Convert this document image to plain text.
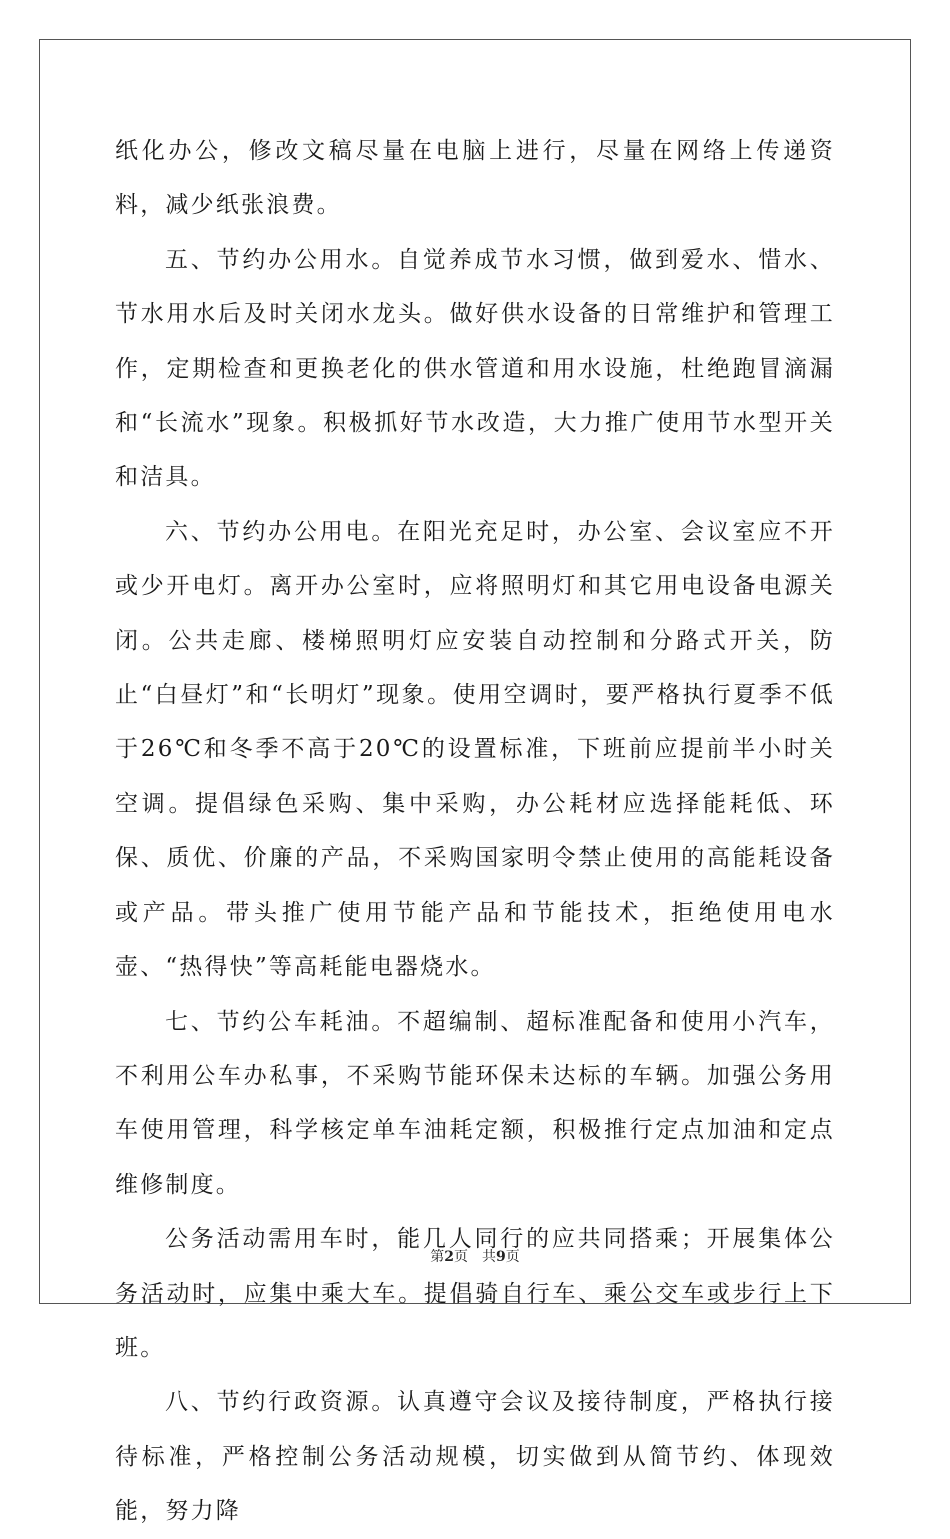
纸化办公，修改文稿尽量在电脑上进行，尽量在网络上传递资料，减少纸张浪费。

五、节约办公用水。自觉养成节水习惯，做到爱水、惜水、节水用水后及时关闭水龙头。做好供水设备的日常维护和管理工作，定期检查和更换老化的供水管道和用水设施，杜绝跑冒滴漏和“长流水”现象。积极抓好节水改造，大力推广使用节水型开关和洁具。

六、节约办公用电。在阳光充足时，办公室、会议室应不开或少开电灯。离开办公室时，应将照明灯和其它用电设备电源关闭。公共走廊、楼梯照明灯应安装自动控制和分路式开关，防止“白昼灯”和“长明灯”现象。使用空调时，要严格执行夏季不低于26℃和冬季不高于20℃的设置标准，下班前应提前半小时关空调。提倡绿色采购、集中采购，办公耗材应选择能耗低、环保、质优、价廉的产品，不采购国家明令禁止使用的高能耗设备或产品。带头推广使用节能产品和节能技术，拒绝使用电水壶、“热得快”等高耗能电器烧水。

七、节约公车耗油。不超编制、超标准配备和使用小汽车，不利用公车办私事，不采购节能环保未达标的车辆。加强公务用车使用管理，科学核定单车油耗定额，积极推行定点加油和定点维修制度。

公务活动需用车时，能几人同行的应共同搭乘；开展集体公务活动时，应集中乘大车。提倡骑自行车、乘公交车或步行上下班。

八、节约行政资源。认真遵守会议及接待制度，严格执行接待标准，严格控制公务活动规模，切实做到从简节约、体现效能，努力降

第2页 共9页
